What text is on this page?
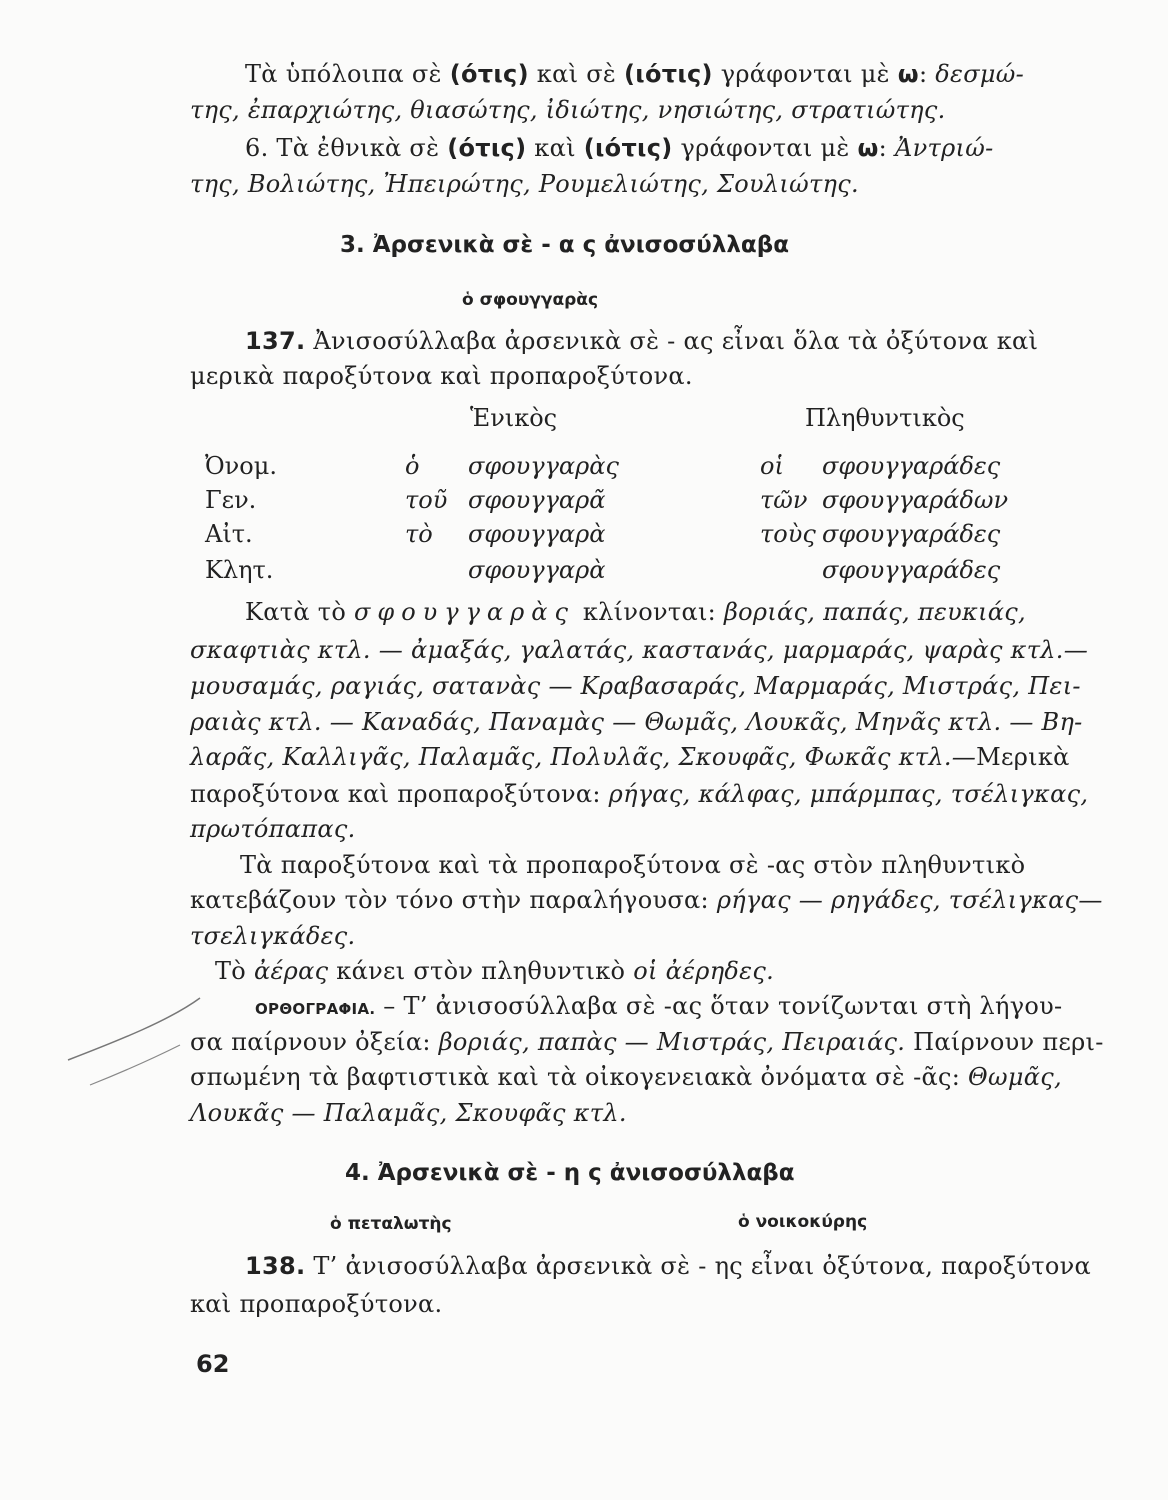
Τὰ ὑπόλοιπα σὲ (ότις) καὶ σὲ (ιότις) γράφονται μὲ ω: δεσμώ-
της, ἐπαρχιώτης, θιασώτης, ἰδιώτης, νησιώτης, στρατιώτης.
6. Τὰ ἐθνικὰ σὲ (ότις) καὶ (ιότις) γράφονται μὲ ω: Ἀντριώ-
της, Βολιώτης, Ἠπειρώτης, Ρουμελιώτης, Σουλιώτης.
3. Ἀρσενικὰ σὲ - α ς ἀνισοσύλλαβα
ὁ σφουγγαρὰς
137. Ἀνισοσύλλαβα ἀρσενικὰ σὲ - ας εἶναι ὅλα τὰ ὀξύτονα καὶ
μερικὰ παροξύτονα καὶ προπαροξύτονα.
Ἑνικὸς	Πληθυντικὸς
Ὀνομ.	ὁ σφουγγαρὰς	οἱ σφουγγαράδες
Γεν.	τοῦ σφουγγαρᾶ	τῶν σφουγγαράδων
Αἰτ.	τὸ σφουγγαρὰ	τοὺς σφουγγαράδες
Κλητ.	σφουγγαρὰ	σφουγγαράδες
Κατὰ τὸ σφουγγαρὰς κλίνονται: βοριάς, παπάς, πευκιάς,
σκαφτιὰς κτλ. — ἀμαξάς, γαλατάς, καστανάς, μαρμαράς, ψαρὰς κτλ.—
μουσαμάς, ραγιάς, σατανὰς — Κραβασαράς, Μαρμαράς, Μιστράς, Πει-
ραιὰς κτλ. — Καναδάς, Παναμὰς — Θωμᾶς, Λουκᾶς, Μηνᾶς κτλ. — Βη-
λαρᾶς, Καλλιγᾶς, Παλαμᾶς, Πολυλᾶς, Σκουφᾶς, Φωκᾶς κτλ.—Μερικὰ
παροξύτονα καὶ προπαροξύτονα: ρήγας, κάλφας, μπάρμπας, τσέλιγκας,
πρωτόπαπας.
Τὰ παροξύτονα καὶ τὰ προπαροξύτονα σὲ -ας στὸν πληθυντικὸ
κατεβάζουν τὸν τόνο στὴν παραλήγουσα: ρήγας — ρηγάδες, τσέλιγκας—
τσελιγκάδες.
Τὸ ἀέρας κάνει στὸν πληθυντικὸ οἱ ἀέρηδες.
ΟΡΘΟΓΡΑΦΙΑ. – Τ’ ἀνισοσύλλαβα σὲ -ας ὅταν τονίζωνται στὴ λήγου-
σα παίρνουν ὀξεία: βοριάς, παπὰς — Μιστράς, Πειραιάς. Παίρνουν περι-
σπωμένη τὰ βαφτιστικὰ καὶ τὰ οἰκογενειακὰ ὀνόματα σὲ -ᾶς: Θωμᾶς,
Λουκᾶς — Παλαμᾶς, Σκουφᾶς κτλ.
4. Ἀρσενικὰ σὲ - η ς ἀνισοσύλλαβα
ὁ πεταλωτὴς	ὁ νοικοκύρης
138. Τ’ ἀνισοσύλλαβα ἀρσενικὰ σὲ - ης εἶναι ὀξύτονα, παροξύτονα
καὶ προπαροξύτονα.
62
